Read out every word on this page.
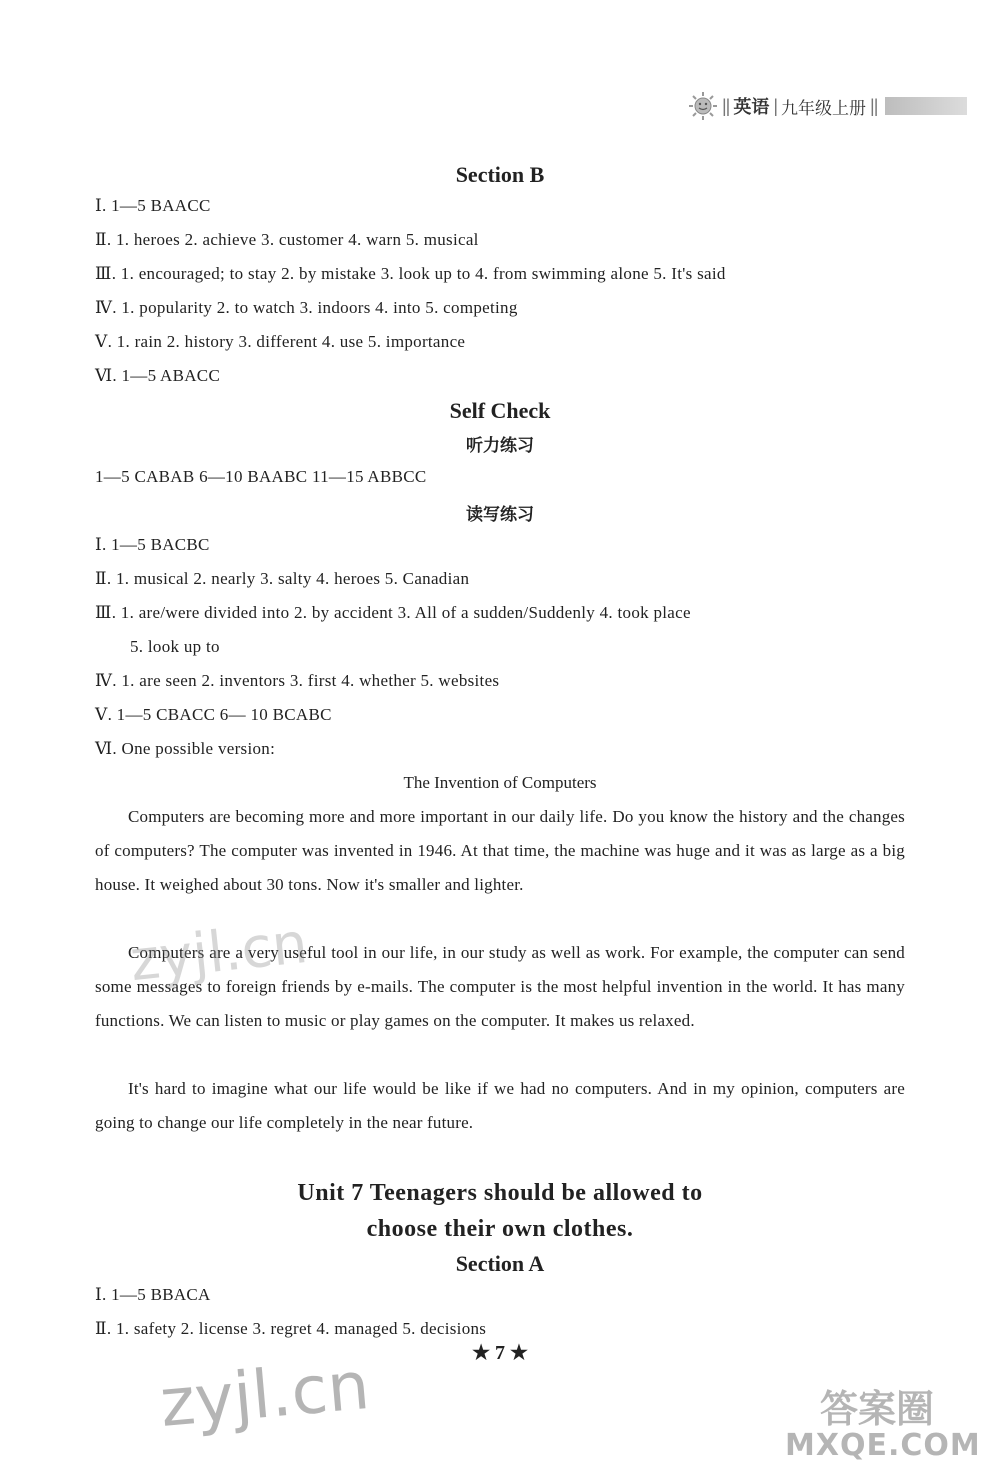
|| 英语 | 九年级上册 ||
Section B
Ⅰ. 1—5 BAACC
Ⅱ. 1. heroes 2. achieve 3. customer 4. warn 5. musical
Ⅲ. 1. encouraged; to stay 2. by mistake 3. look up to 4. from swimming alone 5. It's said
Ⅳ. 1. popularity 2. to watch 3. indoors 4. into 5. competing
Ⅴ. 1. rain 2. history 3. different 4. use 5. importance
Ⅵ. 1—5 ABACC
Self Check
听力练习
1—5 CABAB 6—10 BAABC 11—15 ABBCC
读写练习
Ⅰ. 1—5 BACBC
Ⅱ. 1. musical 2. nearly 3. salty 4. heroes 5. Canadian
Ⅲ. 1. are/were divided into 2. by accident 3. All of a sudden/Suddenly 4. took place
5. look up to
Ⅳ. 1. are seen 2. inventors 3. first 4. whether 5. websites
Ⅴ. 1—5 CBACC 6— 10 BCABC
Ⅵ. One possible version:
The Invention of Computers
Computers are becoming more and more important in our daily life. Do you know the history and the changes of computers? The computer was invented in 1946. At that time, the machine was huge and it was as large as a big house. It weighed about 30 tons. Now it's smaller and lighter.
Computers are a very useful tool in our life, in our study as well as work. For example, the computer can send some messages to foreign friends by e-mails. The computer is the most helpful invention in the world. It has many functions. We can listen to music or play games on the computer. It makes us relaxed.
It's hard to imagine what our life would be like if we had no computers. And in my opinion, computers are going to change our life completely in the near future.
Unit 7 Teenagers should be allowed to
choose their own clothes.
Section A
Ⅰ. 1—5 BBACA
Ⅱ. 1. safety 2. license 3. regret 4. managed 5. decisions
★ 7 ★
zyjl.cn
zyjl.cn	答案圈
MXQE.COM
